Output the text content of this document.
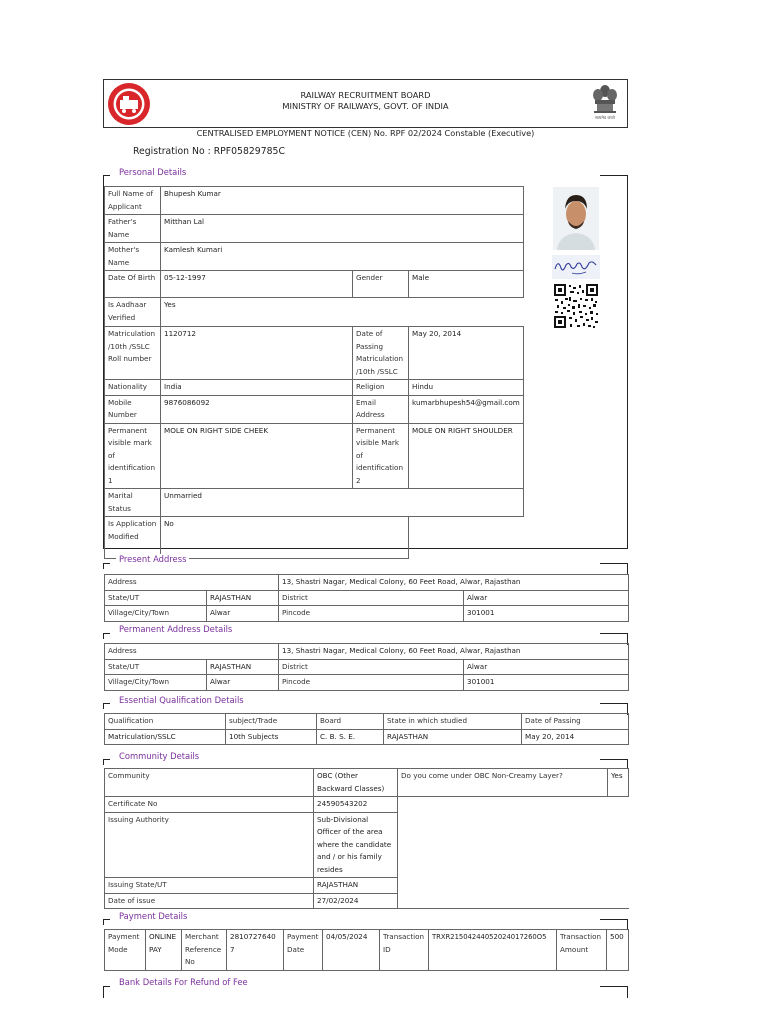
सत्यमेव जयते
RAILWAY RECRUITMENT BOARD
MINISTRY OF RAILWAYS, GOVT. OF INDIA
CENTRALISED EMPLOYMENT NOTICE (CEN) No. RPF 02/2024 Constable (Executive)
Registration No : RPF05829785C
Personal Details
Full Name of Applicant	Bhupesh Kumar		
Father's Name	Mitthan Lal		
Mother's Name	Kamlesh Kumari		
Date Of Birth	05-12-1997	Gender	Male
Is Aadhaar Verified	Yes		
Matriculation /10th /SSLC Roll number	1120712	Date of Passing Matriculation /10th /SSLC	May 20, 2014
Nationality	India	Religion	Hindu
Mobile Number	9876086092	Email Address	kumarbhupesh54@gmail.com
Permanent visible mark of identification 1	MOLE ON RIGHT SIDE CHEEK	Permanent visible Mark of identification 2	MOLE ON RIGHT SHOULDER
Marital Status	Unmarried		
Is Application Modified	No		
Present Address
Address		13, Shastri Nagar, Medical Colony, 60 Feet Road, Alwar, Rajasthan	
State/UT	RAJASTHAN	District	Alwar
Village/City/Town	Alwar	Pincode	301001
Permanent Address Details
Address		13, Shastri Nagar, Medical Colony, 60 Feet Road, Alwar, Rajasthan	
State/UT	RAJASTHAN	District	Alwar
Village/City/Town	Alwar	Pincode	301001
Essential Qualification Details
Qualification	subject/Trade	Board	State in which studied	Date of Passing
Matriculation/SSLC	10th Subjects	C. B. S. E.	RAJASTHAN	May 20, 2014
Community Details
Community	OBC (Other Backward Classes)	Do you come under OBC Non-Creamy Layer?	Yes
Certificate No	24590543202		
Issuing Authority	Sub-Divisional Officer of the area where the candidate and / or his family resides		
Issuing State/UT	RAJASTHAN		
Date of issue	27/02/2024		
Payment Details
Payment Mode	ONLINE PAY	Merchant Reference No	28107276407	Payment Date	04/05/2024	Transaction ID	TRXR21504244052024017260O5	Transaction Amount	500
Bank Details For Refund of Fee
